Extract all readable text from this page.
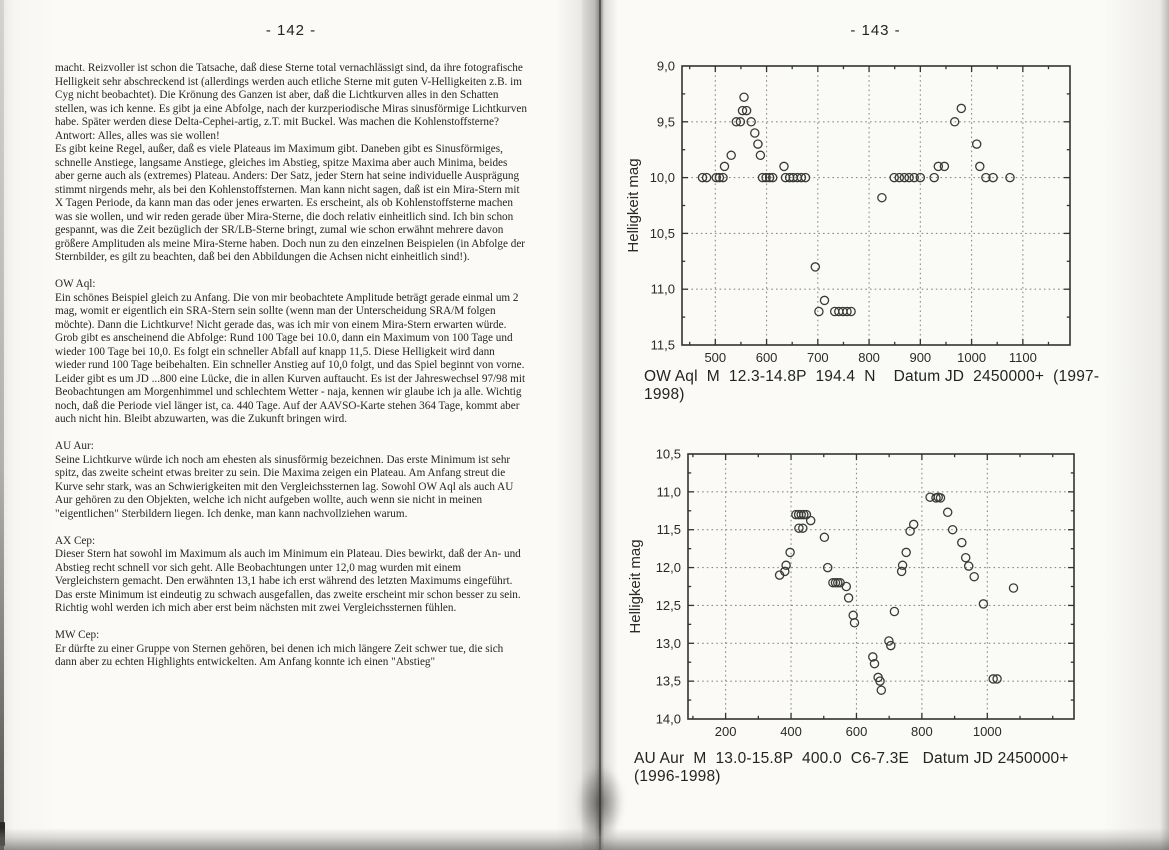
- 142 -

macht. Reizvoller ist schon die Tatsache, daß diese Sterne total vernachlässigt sind, da ihre fotografische Helligkeit sehr abschreckend ist (allerdings werden auch etliche Sterne mit guten V-Helligkeiten z.B. im Cyg nicht beobachtet). Die Krönung des Ganzen ist aber, daß die Lichtkurven alles in den Schatten stellen, was ich kenne. Es gibt ja eine Abfolge, nach der kurzperiodische Miras sinusförmige Lichtkurven habe. Später werden diese Delta-Cephei-artig, z.T. mit Buckel. Was machen die Kohlenstoffsterne? Antwort: Alles, alles was sie wollen!

Es gibt keine Regel, außer, daß es viele Plateaus im Maximum gibt. Daneben gibt es Sinusförmiges, schnelle Anstiege, langsame Anstiege, gleiches im Abstieg, spitze Maxima aber auch Minima, beides aber gerne auch als (extremes) Plateau. Anders: Der Satz, jeder Stern hat seine individuelle Ausprägung stimmt nirgends mehr, als bei den Kohlenstoffsternen. Man kann nicht sagen, daß ist ein Mira-Stern mit X Tagen Periode, da kann man das oder jenes erwarten. Es erscheint, als ob Kohlenstoffsterne machen was sie wollen, und wir reden gerade über Mira-Sterne, die doch relativ einheitlich sind. Ich bin schon gespannt, was die Zeit bezüglich der SR/LB-Sterne bringt, zumal wie schon erwähnt mehrere davon größere Amplituden als meine Mira-Sterne haben. Doch nun zu den einzelnen Beispielen (in Abfolge der Sternbilder, es gilt zu beachten, daß bei den Abbildungen die Achsen nicht einheitlich sind!).

OW Aql:

Ein schönes Beispiel gleich zu Anfang. Die von mir beobachtete Amplitude beträgt gerade einmal um 2 mag, womit er eigentlich ein SRA-Stern sein sollte (wenn man der Unterscheidung SRA/M folgen möchte). Dann die Lichtkurve! Nicht gerade das, was ich mir von einem Mira-Stern erwarten würde. Grob gibt es anscheinend die Abfolge: Rund 100 Tage bei 10.0, dann ein Maximum von 100 Tage und wieder 100 Tage bei 10,0. Es folgt ein schneller Abfall auf knapp 11,5. Diese Helligkeit wird dann wieder rund 100 Tage beibehalten. Ein schneller Anstieg auf 10,0 folgt, und das Spiel beginnt von vorne. Leider gibt es um JD ...800 eine Lücke, die in allen Kurven auftaucht. Es ist der Jahreswechsel 97/98 mit Beobachtungen am Morgenhimmel und schlechtem Wetter - naja, kennen wir glaube ich ja alle. Wichtig noch, daß die Periode viel länger ist, ca. 440 Tage. Auf der AAVSO-Karte stehen 364 Tage, kommt aber auch nicht hin. Bleibt abzuwarten, was die Zukunft bringen wird.

AU Aur:

Seine Lichtkurve würde ich noch am ehesten als sinusförmig bezeichnen. Das erste Minimum ist sehr spitz, das zweite scheint etwas breiter zu sein. Die Maxima zeigen ein Plateau. Am Anfang streut die Kurve sehr stark, was an Schwierigkeiten mit den Vergleichssternen lag. Sowohl OW Aql als auch AU Aur gehören zu den Objekten, welche ich nicht aufgeben wollte, auch wenn sie nicht in meinen "eigentlichen" Sterbildern liegen. Ich denke, man kann nachvollziehen warum.

AX Cep:

Dieser Stern hat sowohl im Maximum als auch im Minimum ein Plateau. Dies bewirkt, daß der An- und Abstieg recht schnell vor sich geht. Alle Beobachtungen unter 12,0 mag wurden mit einem Vergleichstern gemacht. Den erwähnten 13,1 habe ich erst während des letzten Maximums eingeführt. Das erste Minimum ist eindeutig zu schwach ausgefallen, das zweite erscheint mir schon besser zu sein. Richtig wohl werden ich mich aber erst beim nächsten mit zwei Vergleichssternen fühlen.

MW Cep:

Er dürfte zu einer Gruppe von Sternen gehören, bei denen ich mich längere Zeit schwer tue, die sich dann aber zu echten Highlights entwickelten. Am Anfang konnte ich einen "Abstieg"

- 143 -
500 600 700 800 900 1000 1100
9,0
9,5
10,0
10,5
11,0
11,5
Helligkeit mag
OW Aql  M  12.3-14.8P  194.4  N    Datum JD  2450000+  (1997-1998)
200	400	600	800	1000
10,5
11,0
11,5
12,0
12,5
13,0
13,5
14,0
Helligkeit mag
AU Aur  M  13.0-15.8P  400.0  C6-7.3E   Datum JD 2450000+  (1996-1998)
